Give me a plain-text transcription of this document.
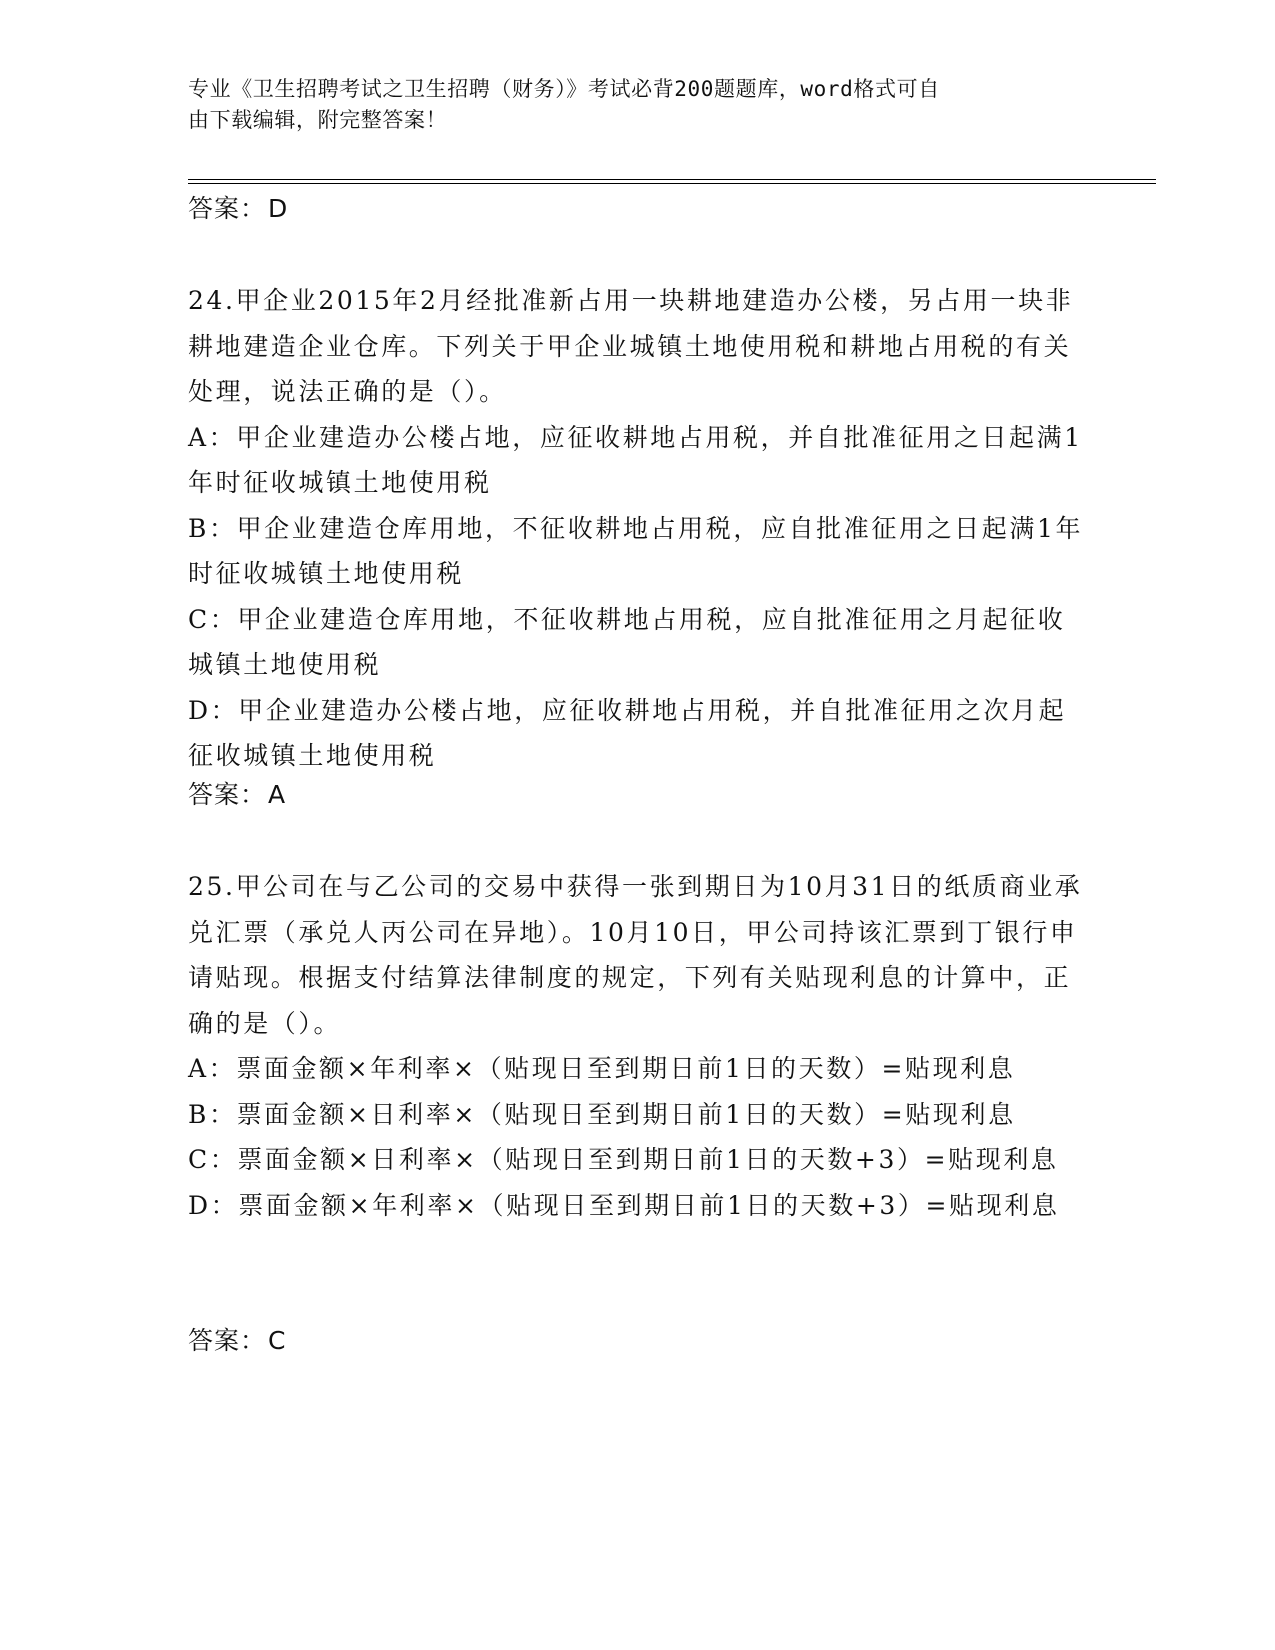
专业《卫生招聘考试之卫生招聘（财务）》考试必背200题题库，word格式可自
由下载编辑，附完整答案！
答案：D

24.甲企业2015年2月经批准新占用一块耕地建造办公楼，另占用一块非耕地建造企业仓库。下列关于甲企业城镇土地使用税和耕地占用税的有关处理，说法正确的是（）。

A：甲企业建造办公楼占地，应征收耕地占用税，并自批准征用之日起满1年时征收城镇土地使用税

B：甲企业建造仓库用地，不征收耕地占用税，应自批准征用之日起满1年时征收城镇土地使用税

C：甲企业建造仓库用地，不征收耕地占用税，应自批准征用之月起征收城镇土地使用税

D：甲企业建造办公楼占地，应征收耕地占用税，并自批准征用之次月起征收城镇土地使用税

答案：A

25.甲公司在与乙公司的交易中获得一张到期日为10月31日的纸质商业承兑汇票（承兑人丙公司在异地）。10月10日，甲公司持该汇票到丁银行申请贴现。根据支付结算法律制度的规定，下列有关贴现利息的计算中，正确的是（）。

A：票面金额×年利率×（贴现日至到期日前1日的天数）=贴现利息

B：票面金额×日利率×（贴现日至到期日前1日的天数）=贴现利息

C：票面金额×日利率×（贴现日至到期日前1日的天数+3）=贴现利息

D：票面金额×年利率×（贴现日至到期日前1日的天数+3）=贴现利息

答案：C
